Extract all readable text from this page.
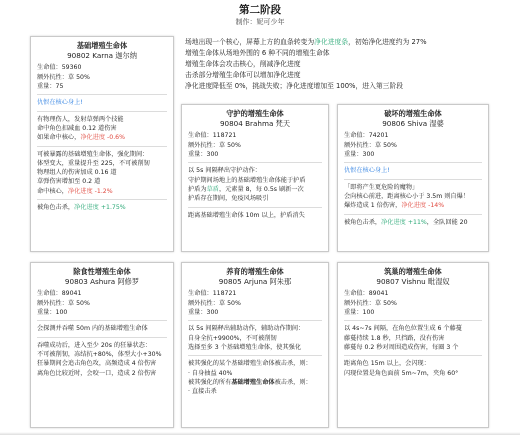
第二阶段
制作：妮可少年
场地出现一个核心，屏幕上方的血条转变为净化进度条，初始净化进度约为 27%
增殖生命体从场地外围的 6 种不同的增殖生命体
增殖生命体会攻击核心，削减净化进度
击杀部分增殖生命体可以增加净化进度
净化进度降低至 0%，挑战失败；净化进度增加至 100%，进入第三阶段
基础增殖生命体
90802 Karna 迦尔纳
生命值：59360
额外抗性：草 50%
重量：75
仇恨在核心身上!
有物理伤人，发射草弹两个技能
命中角色扣减血 0.12 道伤害
如果命中核心，净化进度 -0.6%
可被暴露的基础增殖生命体，强化期间：
体型变大，重量提升至 225，不可被削韧
物理组人的伤害加成 0.16 道
草弹伤害增加至 0.2 道
命中核心，净化进度 -1.2%
被角色击杀，净化进度 +1.75%
守护的增殖生命体
90804 Brahma 梵天
生命值：118721
额外抗性：草 50%
重量：300
以 5s 间隔释出守护动作：
守护期间场地上的基础增殖生命体能于护盾
护盾为草盾，元素量 8，每 0.5s 刷新一次
护盾存在期间，免疫风场吸引
距离基础增殖生命体 10m 以上，护盾消失
破坏的增殖生命体
90806 Shiva 湿婆
生命值：74201
额外抗性：草 50%
重量：300
仇恨在核心身上!
「即将产生更危险的魔物」
会向核心前进，距离核心小于 3.5m 则自爆！
爆炸造成 1 倍伤害，净化进度 -14%
被角色击杀，净化进度 +11%，全队回能 20
除食性增殖生命体
90803 Ashura 阿修罗
生命值：89041
额外抗性：草 50%
重量：100
会探测并吞噬 50m 内的基础增殖生命体
吞噬成功后，进入至少 20s 的狂暴状态：
不可被削韧，冻结抗+80%，体型大小+30%
狂暴期间会追击角色攻，高频造成 4 倍伤害
离角色比较近时，会咬一口，造成 2 倍伤害
养育的增殖生命体
90805 Arjuna 阿朱那
生命值：118721
额外抗性：草 50%
重量：300
以 5s 间隔释出辅助动作，辅助动作期间：
自身全抗+9900%，不可被削韧
选择至多 3 个基础增殖生命体，使其强化
被其强化的某个基础增殖生命体被击杀，则：
· 自身抽益 40%
被其强化的所有基础增殖生命体被击杀，则：
· 直接击杀
筑巢的增殖生命体
90807 Vishnu 毗湿奴
生命值：89041
额外抗性：草 50%
重量：100
以 4s~7s 间隔，在角色位置生成 6 个藤蔓
藤蔓持续 1.8 秒，只挡路，没有伤害
藤蔓每 0.2 秒对周围造成伤害，每圈 3 个
距离角色 15m 以上，会闪现：
闪现位置是角色面前 5m~7m，夹角 60°
